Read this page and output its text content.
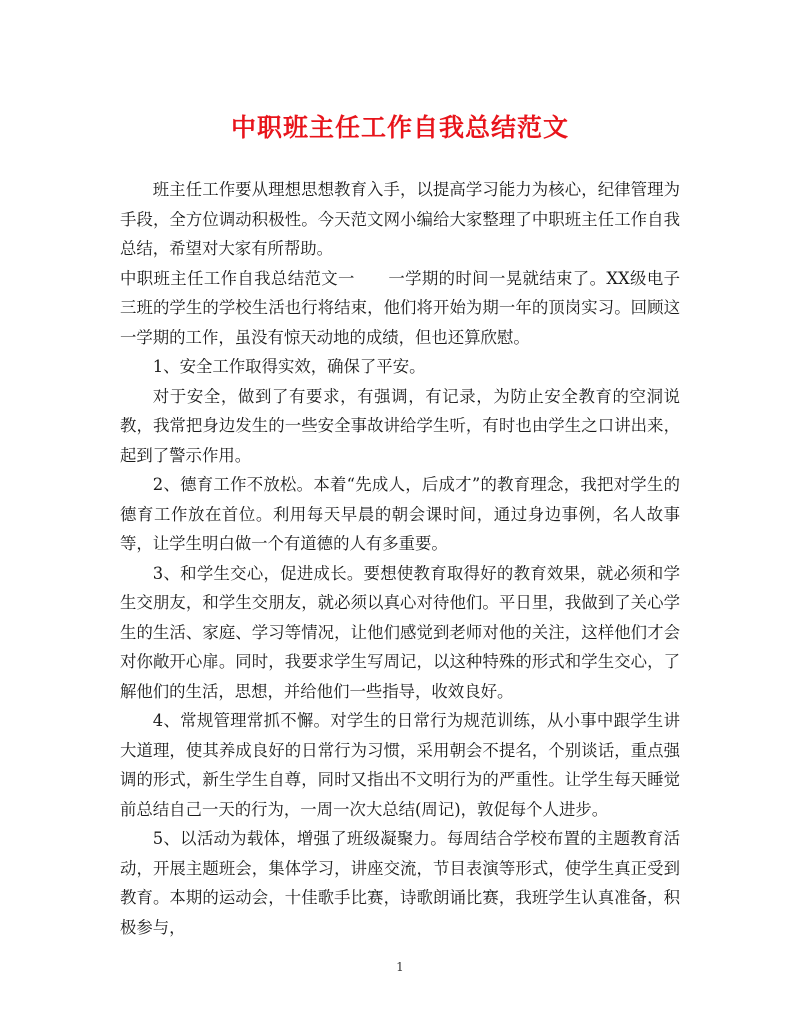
中职班主任工作自我总结范文

班主任工作要从理想思想教育入手，以提高学习能力为核心，纪律管理为手段，全方位调动积极性。今天范文网小编给大家整理了中职班主任工作自我总结，希望对大家有所帮助。

中职班主任工作自我总结范文一　　一学期的时间一晃就结束了。XX级电子三班的学生的学校生活也行将结束，他们将开始为期一年的顶岗实习。回顾这一学期的工作，虽没有惊天动地的成绩，但也还算欣慰。

1、安全工作取得实效，确保了平安。

对于安全，做到了有要求，有强调，有记录，为防止安全教育的空洞说教，我常把身边发生的一些安全事故讲给学生听，有时也由学生之口讲出来，起到了警示作用。

2、德育工作不放松。本着“先成人，后成才”的教育理念，我把对学生的德育工作放在首位。利用每天早晨的朝会课时间，通过身边事例，名人故事等，让学生明白做一个有道德的人有多重要。

3、和学生交心，促进成长。要想使教育取得好的教育效果，就必须和学生交朋友，和学生交朋友，就必须以真心对待他们。平日里，我做到了关心学生的生活、家庭、学习等情况，让他们感觉到老师对他的关注，这样他们才会对你敞开心扉。同时，我要求学生写周记，以这种特殊的形式和学生交心，了解他们的生活，思想，并给他们一些指导，收效良好。

4、常规管理常抓不懈。对学生的日常行为规范训练，从小事中跟学生讲大道理，使其养成良好的日常行为习惯，采用朝会不提名，个别谈话，重点强调的形式，新生学生自尊，同时又指出不文明行为的严重性。让学生每天睡觉前总结自己一天的行为，一周一次大总结(周记)，敦促每个人进步。

5、以活动为载体，增强了班级凝聚力。每周结合学校布置的主题教育活动，开展主题班会，集体学习，讲座交流，节目表演等形式，使学生真正受到教育。本期的运动会，十佳歌手比赛，诗歌朗诵比赛，我班学生认真准备，积极参与，

1
